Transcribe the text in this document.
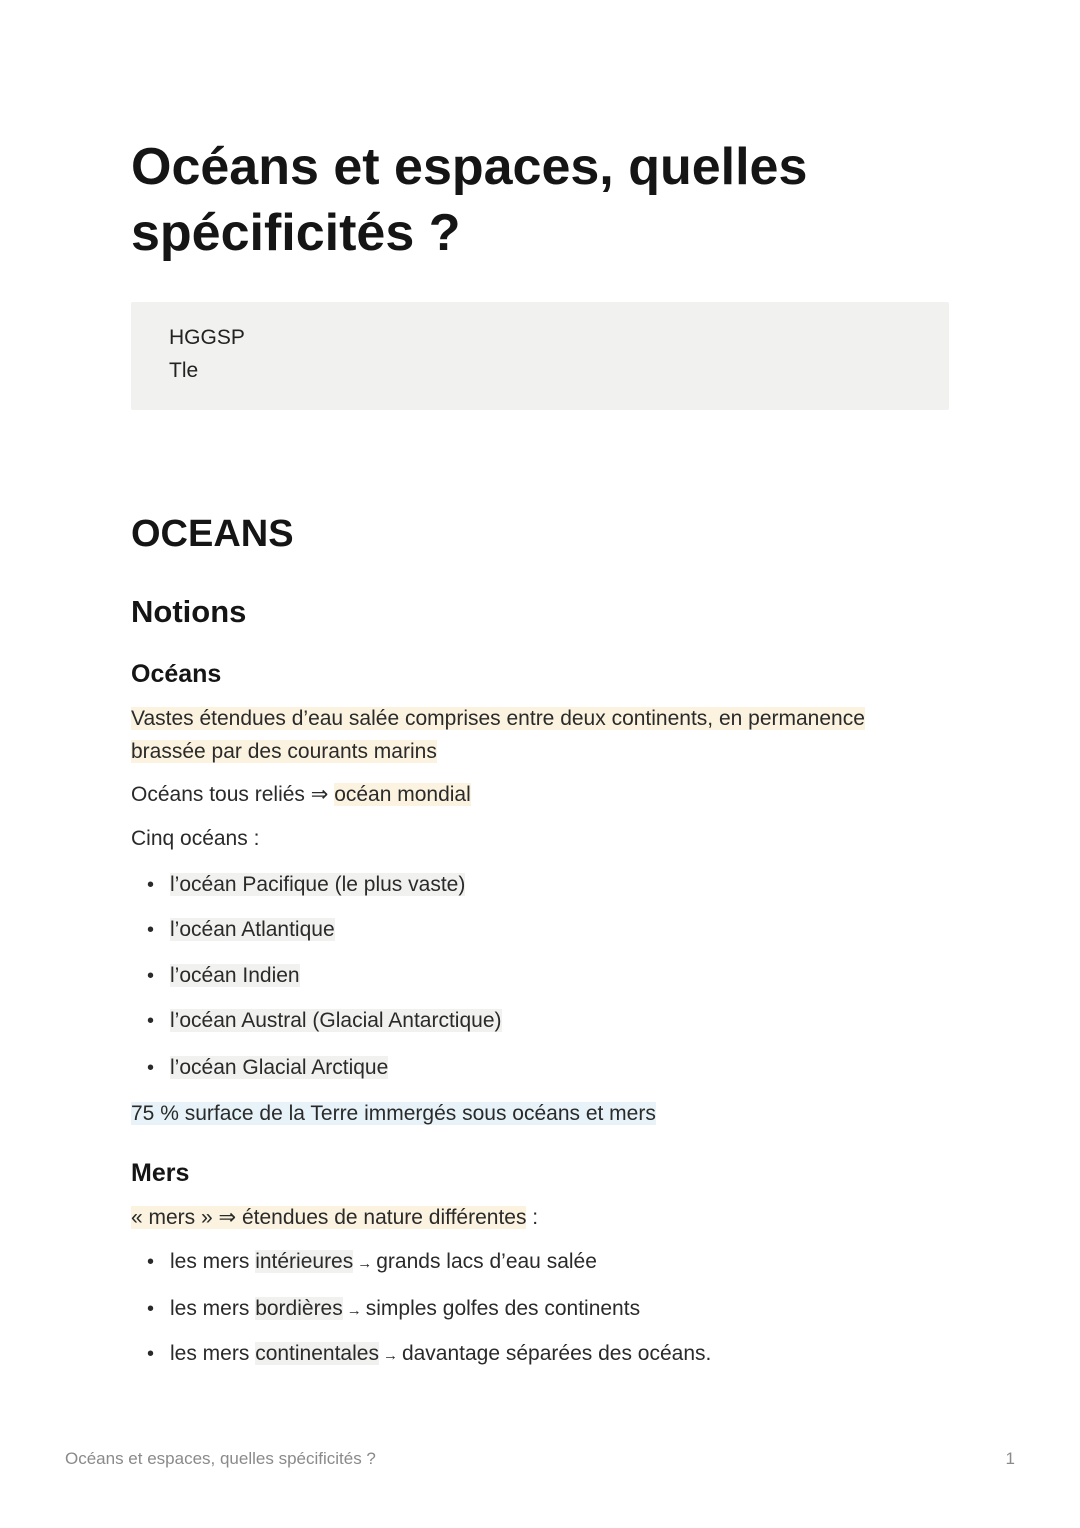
Océans et espaces, quelles spécificités ?
HGGSP
Tle
OCEANS
Notions
Océans
Vastes étendues d’eau salée comprises entre deux continents, en permanence
brassée par des courants marins
Océans tous reliés ⇒ océan mondial
Cinq océans :
• l’océan Pacifique (le plus vaste)
• l’océan Atlantique
• l’océan Indien
• l’océan Austral (Glacial Antarctique)
• l’océan Glacial Arctique
75 % surface de la Terre immergés sous océans et mers
Mers
« mers » ⇒ étendues de nature différentes :
• les mers intérieures → grands lacs d’eau salée
• les mers bordières → simples golfes des continents
• les mers continentales → davantage séparées des océans.
Océans et espaces, quelles spécificités ?	1
